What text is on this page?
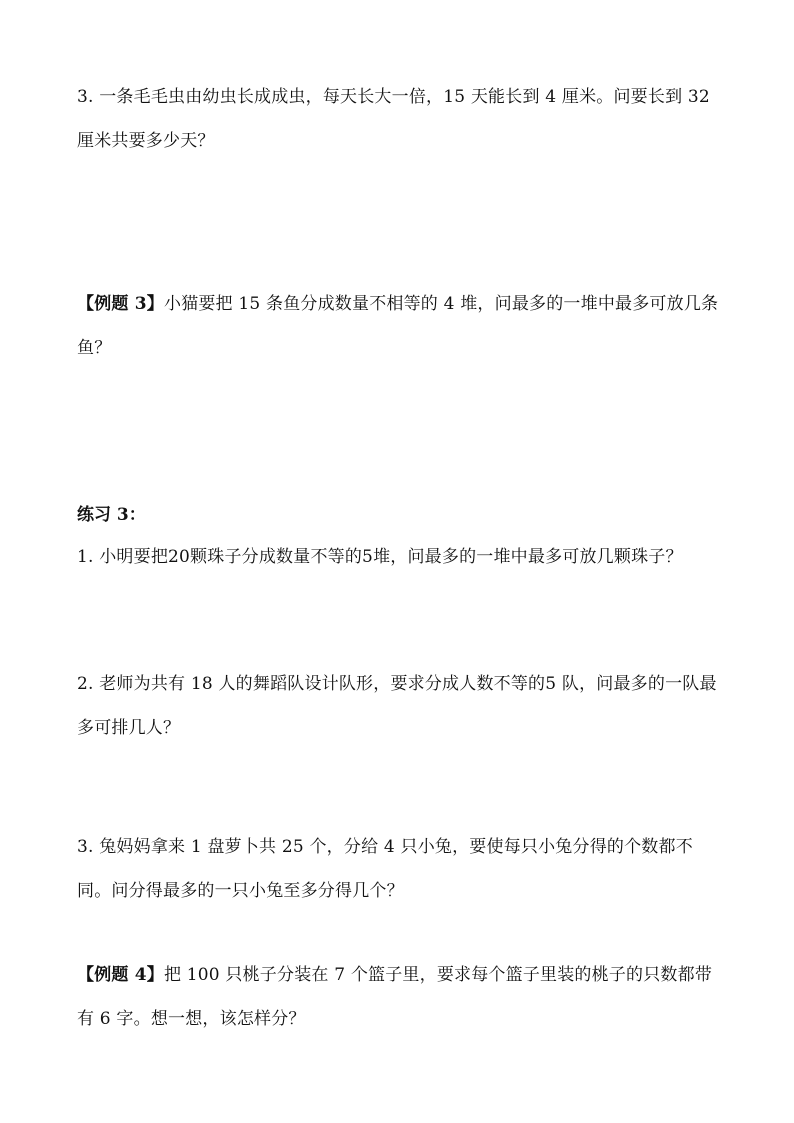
3. 一条毛毛虫由幼虫长成成虫，每天长大一倍，15 天能长到 4 厘米。问要长到 32 厘米共要多少天？

【例题 3】小猫要把 15 条鱼分成数量不相等的 4 堆，问最多的一堆中最多可放几条鱼？

练习 3：

1. 小明要把20颗珠子分成数量不等的5堆，问最多的一堆中最多可放几颗珠子？

2. 老师为共有 18 人的舞蹈队设计队形，要求分成人数不等的5 队，问最多的一队最多可排几人？

3. 兔妈妈拿来 1 盘萝卜共 25 个，分给 4 只小兔，要使每只小兔分得的个数都不同。问分得最多的一只小兔至多分得几个？

【例题 4】把 100 只桃子分装在 7 个篮子里，要求每个篮子里装的桃子的只数都带有 6 字。想一想，该怎样分？
